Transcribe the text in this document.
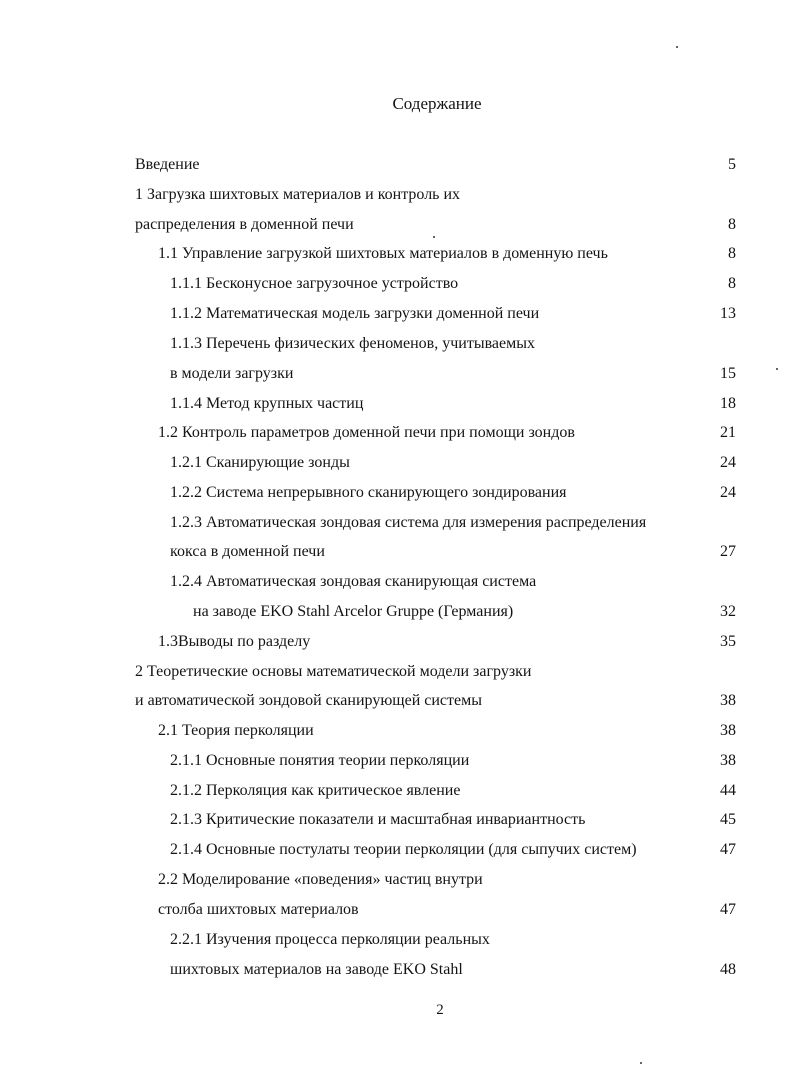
Содержание
Введение	5
1 Загрузка шихтовых материалов и контроль их
распределения в доменной печи	8
1.1 Управление загрузкой шихтовых материалов в доменную печь	8
1.1.1 Бесконусное загрузочное устройство	8
1.1.2 Математическая модель загрузки доменной печи	13
1.1.3 Перечень физических феноменов, учитываемых
в модели загрузки	15
1.1.4 Метод крупных частиц	18
1.2 Контроль параметров доменной печи при помощи зондов	21
1.2.1 Сканирующие зонды	24
1.2.2 Система непрерывного сканирующего зондирования	24
1.2.3 Автоматическая зондовая система для измерения распределения
кокса в доменной печи	27
1.2.4 Автоматическая зондовая сканирующая система
на заводе EKO Stahl Arcelor Gruppe (Германия)	32
1.3Выводы по разделу	35
2 Теоретические основы математической модели загрузки
и автоматической зондовой сканирующей системы	38
2.1 Теория перколяции	38
2.1.1 Основные понятия теории перколяции	38
2.1.2 Перколяция как критическое явление	44
2.1.3 Критические показатели и масштабная инвариантность	45
2.1.4 Основные постулаты теории перколяции (для сыпучих систем)	47
2.2 Моделирование «поведения» частиц внутри
столба шихтовых материалов	47
2.2.1 Изучения процесса перколяции реальных
шихтовых материалов на заводе EKO Stahl	48
2
